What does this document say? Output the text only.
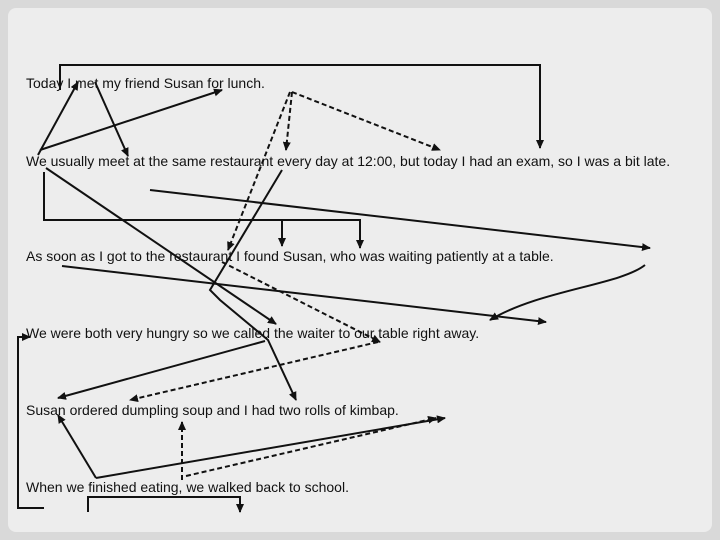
Today I met my friend Susan for lunch.
We usually meet at the same restaurant every day at 12:00, but today I had an exam, so I was a bit late.
As soon as I got to the restaurant I found Susan, who was waiting patiently at a table.
We were both very hungry so we called the waiter to our table right away.
Susan ordered dumpling soup and I had two rolls of kimbap.
When we finished eating, we walked back to school.
